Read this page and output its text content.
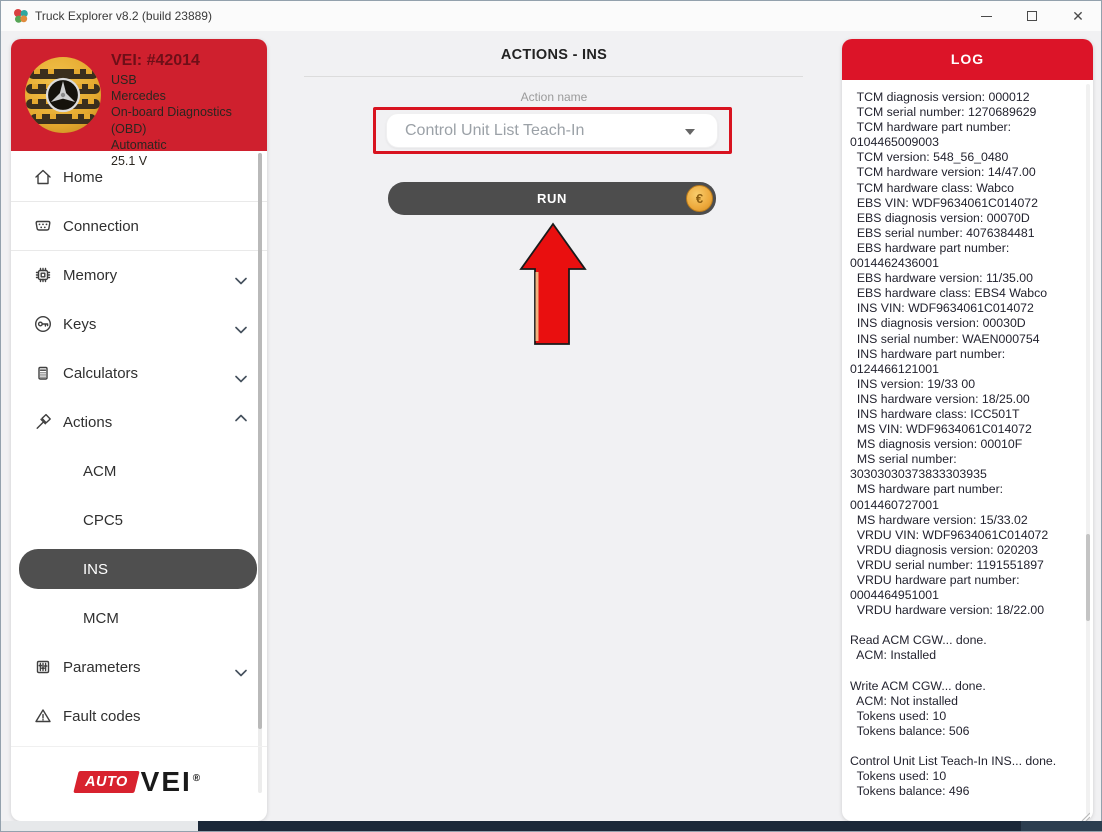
Truck Explorer v8.2 (build 23889)	✕
VEI: #42014
USB
Mercedes
On-board Diagnostics (OBD)
Automatic
25.1 V
Home
Connection
Memory
Keys
Calculators
Actions
ACM
CPC5
INS
MCM
Parameters
Fault codes
AUTO VEI®
ACTIONS - INS
Action name
Control Unit List Teach-In
RUN	€
LOG
TCM diagnosis version: 000012
TCM serial number: 1270689629
TCM hardware part number:
0104465009003
TCM version: 548_56_0480
TCM hardware version: 14/47.00
TCM hardware class: Wabco
EBS VIN: WDF9634061C014072
EBS diagnosis version: 00070D
EBS serial number: 4076384481
EBS hardware part number:
0014462436001
EBS hardware version: 11/35.00
EBS hardware class: EBS4 Wabco
INS VIN: WDF9634061C014072
INS diagnosis version: 00030D
INS serial number: WAEN000754
INS hardware part number:
0124466121001
INS version: 19/33 00
INS hardware version: 18/25.00
INS hardware class: ICC501T
MS VIN: WDF9634061C014072
MS diagnosis version: 00010F
MS serial number:
30303030373833303935
MS hardware part number:
0014460727001
MS hardware version: 15/33.02
VRDU VIN: WDF9634061C014072
VRDU diagnosis version: 020203
VRDU serial number: 1191551897
VRDU hardware part number:
0004464951001
VRDU hardware version: 18/22.00
Read ACM CGW... done.
ACM: Installed
Write ACM CGW... done.
ACM: Not installed
Tokens used: 10
Tokens balance: 506
Control Unit List Teach-In INS... done.
Tokens used: 10
Tokens balance: 496
